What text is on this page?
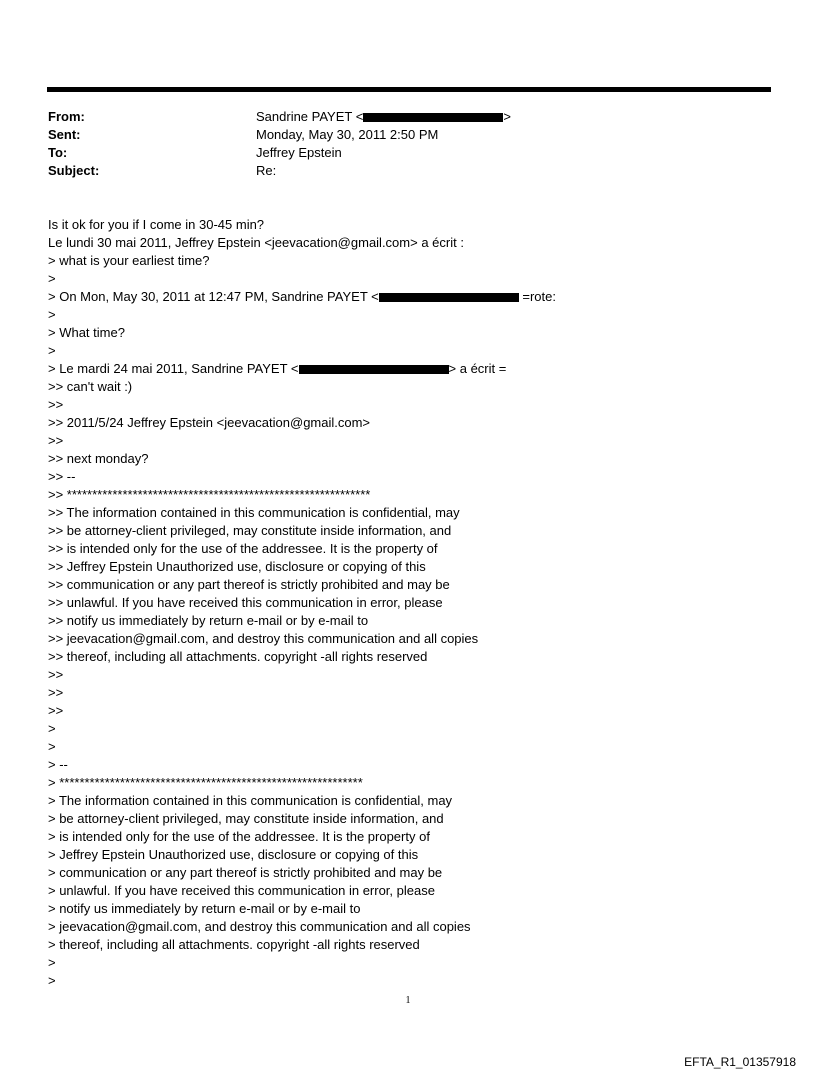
From:	Sandrine PAYET <	>
Sent:	Monday, May 30, 2011 2:50 PM
To:	Jeffrey Epstein
Subject:	Re:
Is it ok for you if I come in 30-45 min?
Le lundi 30 mai 2011, Jeffrey Epstein <jeevacation@gmail.com> a écrit :
> what is your earliest time?
>
> On Mon, May 30, 2011 at 12:47 PM, Sandrine PAYET <	=rote:
>
> What time?
>
> Le mardi 24 mai 2011, Sandrine PAYET <	> a écrit =
>> can't wait :)
>>
>> 2011/5/24 Jeffrey Epstein <jeevacation@gmail.com>
>>
>> next monday?
>> --
>> ************************************************************
>> The information contained in this communication is confidential, may
>> be attorney-client privileged, may constitute inside information, and
>> is intended only for the use of the addressee. It is the property of
>> Jeffrey Epstein Unauthorized use, disclosure or copying of this
>> communication or any part thereof is strictly prohibited and may be
>> unlawful. If you have received this communication in error, please
>> notify us immediately by return e-mail or by e-mail to
>> jeevacation@gmail.com, and destroy this communication and all copies
>> thereof, including all attachments. copyright -all rights reserved
>>
>>
>>
>
>
> --
> ************************************************************
> The information contained in this communication is confidential, may
> be attorney-client privileged, may constitute inside information, and
> is intended only for the use of the addressee. It is the property of
> Jeffrey Epstein Unauthorized use, disclosure or copying of this
> communication or any part thereof is strictly prohibited and may be
> unlawful. If you have received this communication in error, please
> notify us immediately by return e-mail or by e-mail to
> jeevacation@gmail.com, and destroy this communication and all copies
> thereof, including all attachments. copyright -all rights reserved
>
>
1
EFTA_R1_01357918
